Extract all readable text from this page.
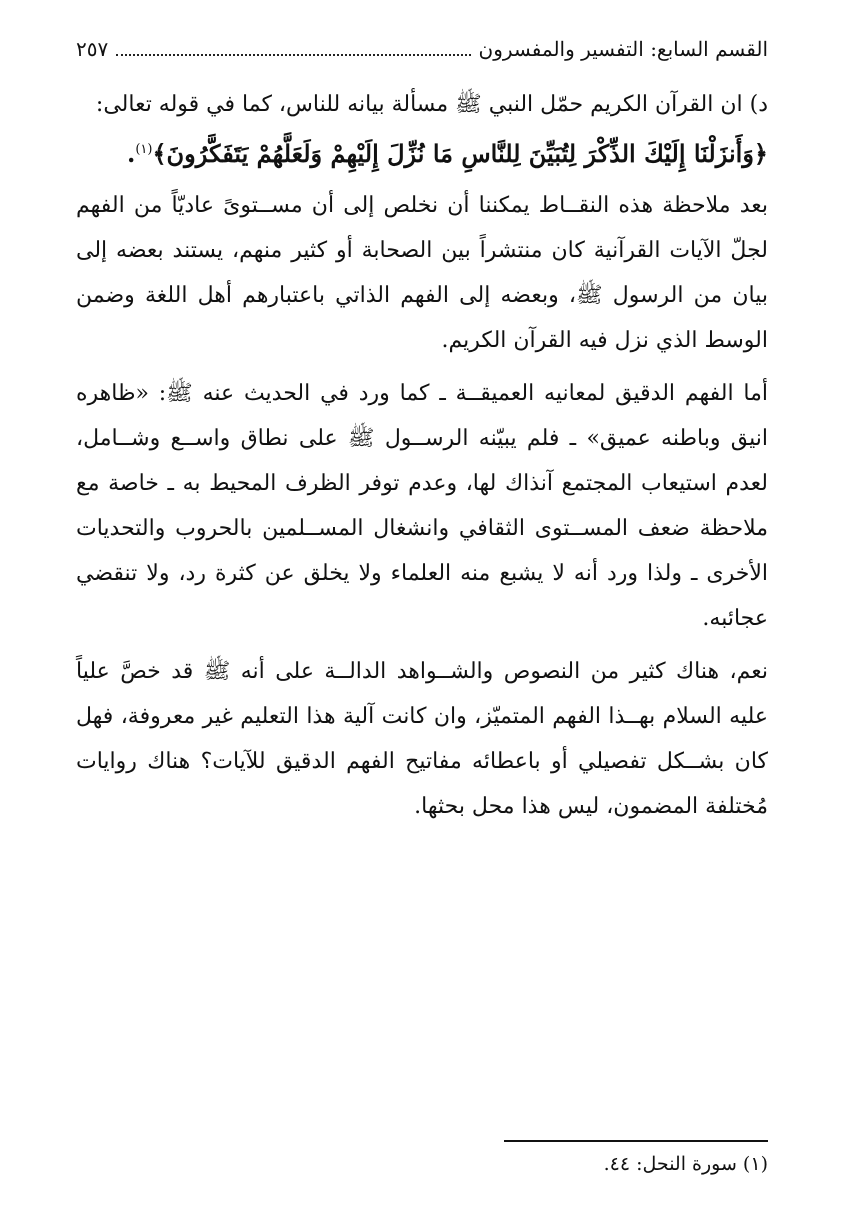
القسم السابع: التفسير والمفسرون
٢٥٧

د) ان القرآن الكريم حمّل النبي ﷺ مسألة بيانه للناس، كما في قوله تعالى:
﴿وَأَنزَلْنَا إِلَيْكَ الذِّكْرَ لِتُبَيِّنَ لِلنَّاسِ مَا نُزِّلَ إِلَيْهِمْ وَلَعَلَّهُمْ يَتَفَكَّرُونَ﴾$^{(١)}$.

بعد ملاحظة هذه النقــاط يمكننا أن نخلص إلى أن مســتوىً عاديّاً من الفهم لجلّ الآيات القرآنية كان منتشراً بين الصحابة أو كثير منهم، يستند بعضه إلى بيان من الرسول ﷺ، وبعضه إلى الفهم الذاتي باعتبارهم أهل اللغة وضمن الوسط الذي نزل فيه القرآن الكريم.

أما الفهم الدقيق لمعانيه العميقــة ـ كما ورد في الحديث عنه ﷺ: «ظاهره انيق وباطنه عميق» ـ فلم يبيّنه الرســول ﷺ على نطاق واســع وشــامل، لعدم استيعاب المجتمع آنذاك لها، وعدم توفر الظرف المحيط به ـ خاصة مع ملاحظة ضعف المســتوى الثقافي وانشغال المســلمين بالحروب والتحديات الأخرى ـ ولذا ورد أنه لا يشبع منه العلماء ولا يخلق عن كثرة رد، ولا تنقضي عجائبه.

نعم، هناك كثير من النصوص والشــواهد الدالــة على أنه ﷺ قد خصَّ علياً عليه السلام بهــذا الفهم المتميّز، وان كانت آلية هذا التعليم غير معروفة، فهل كان بشــكل تفصيلي أو باعطائه مفاتيح الفهم الدقيق للآيات؟ هناك روايات مُختلفة المضمون، ليس هذا محل بحثها.

(١) سورة النحل: ٤٤.
